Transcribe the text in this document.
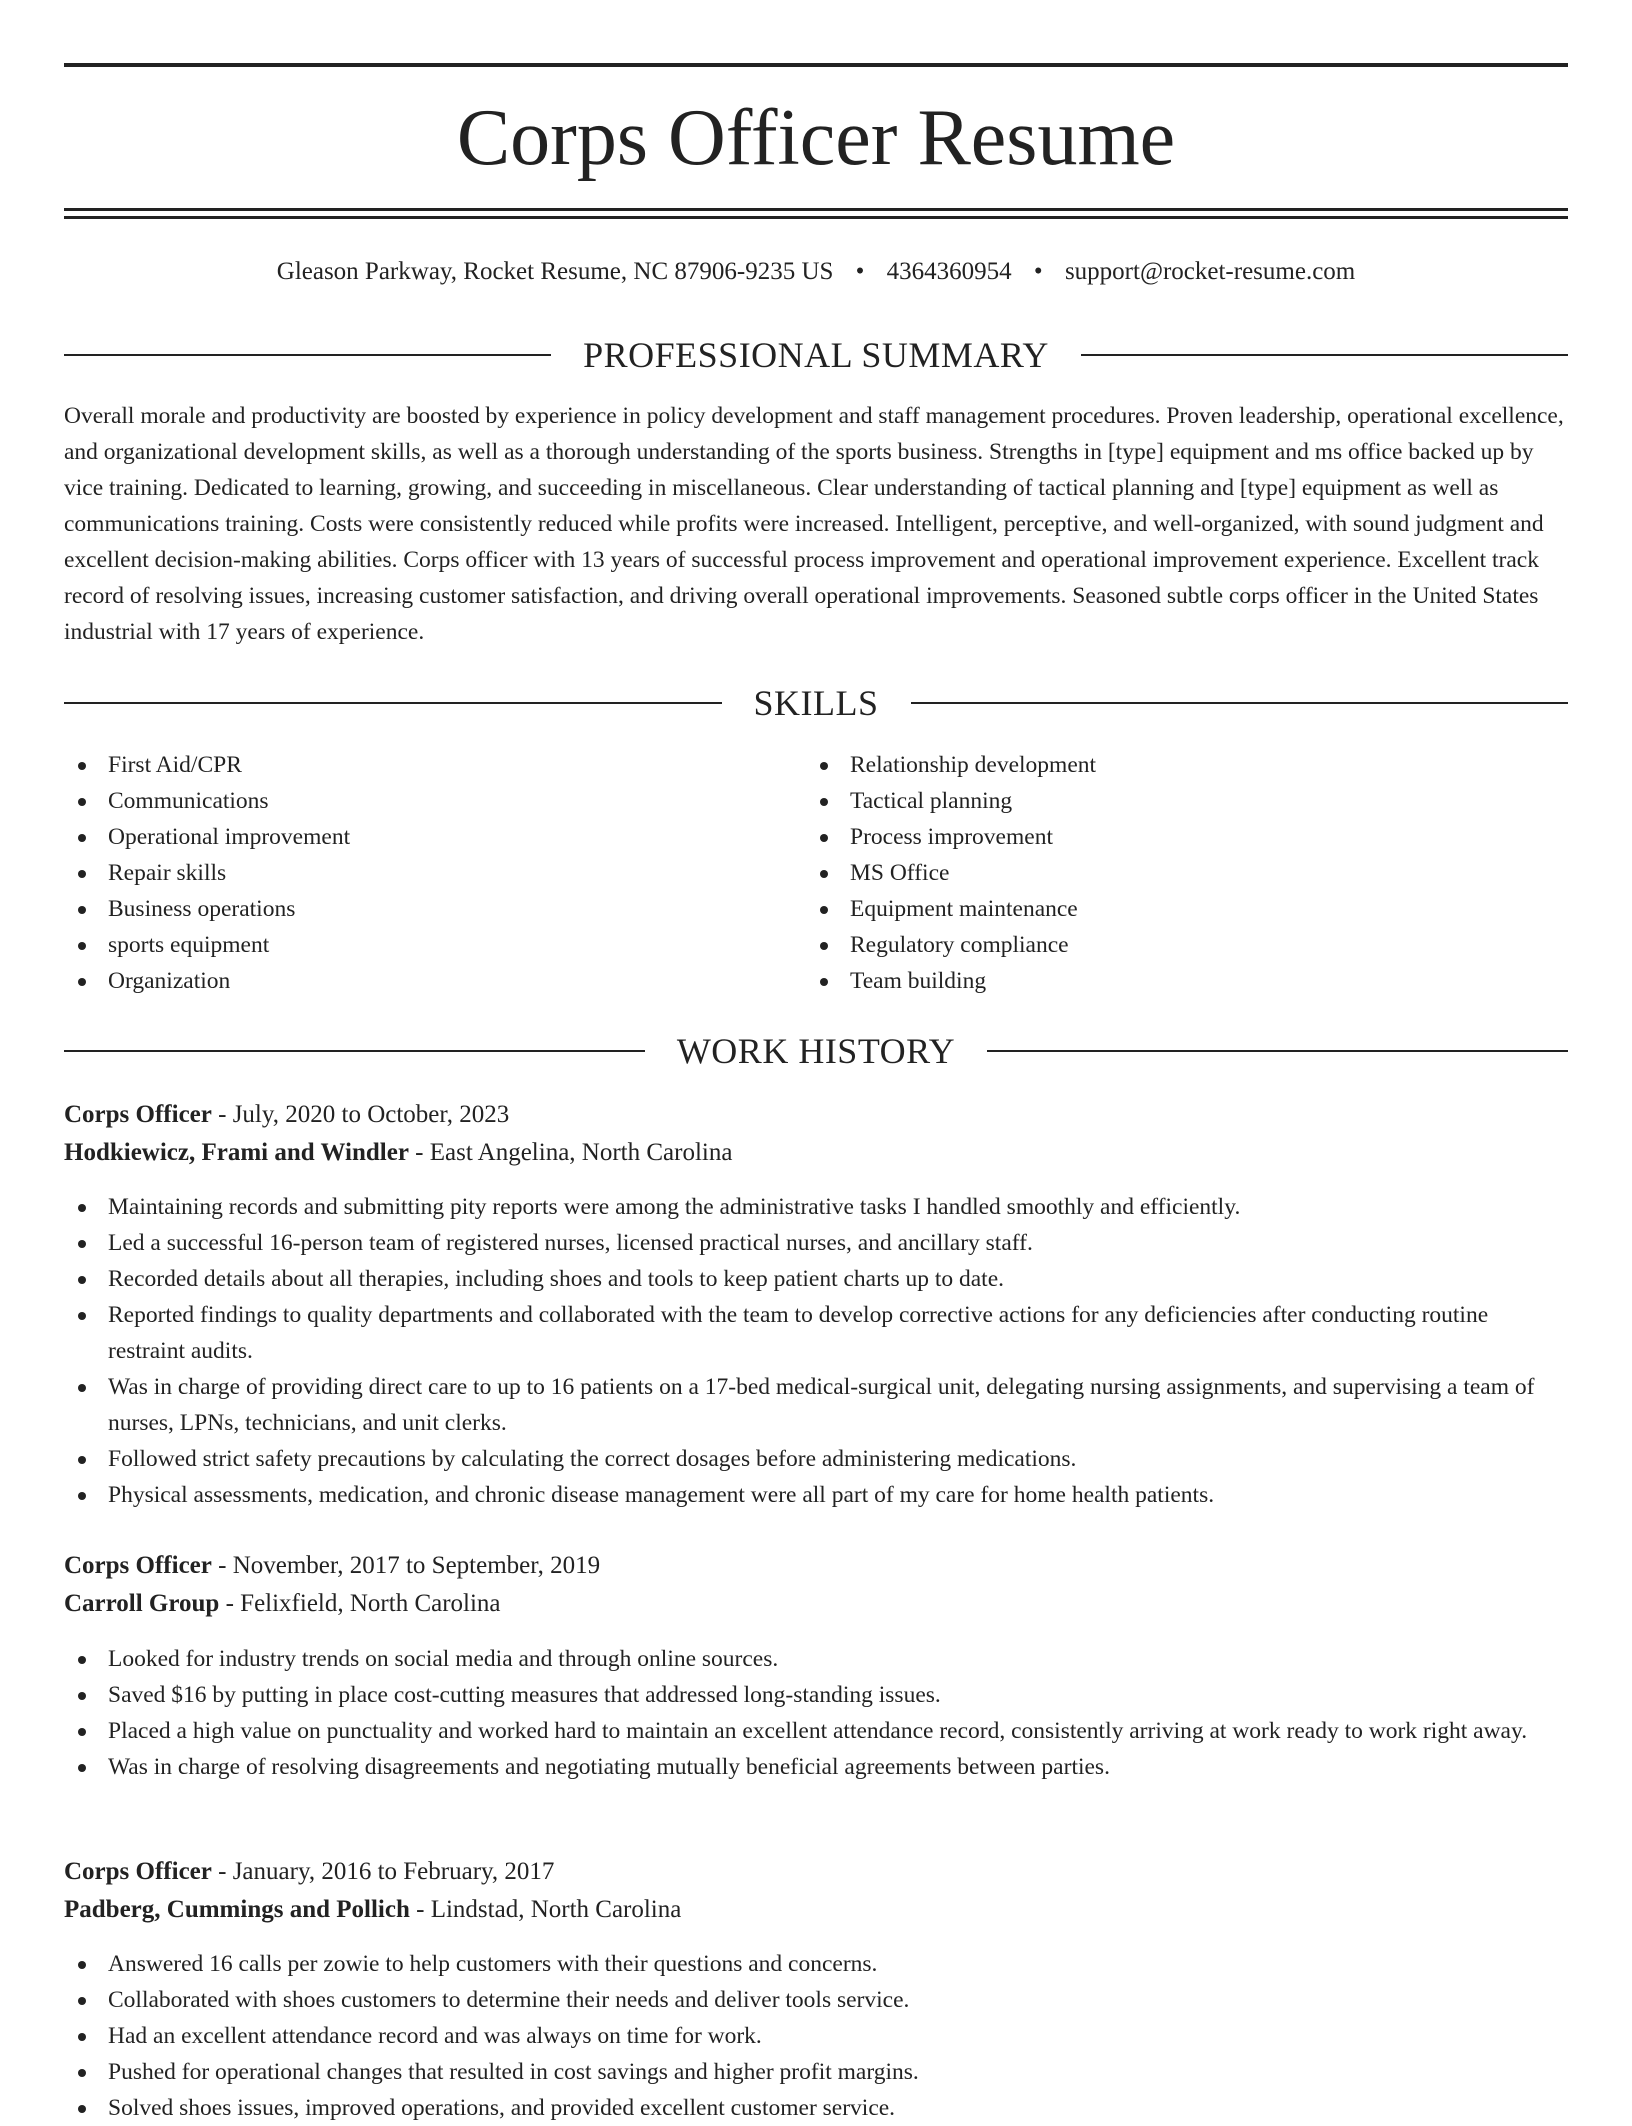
Corps Officer Resume
Gleason Parkway, Rocket Resume, NC 87906-9235 US • 4364360954 • support@rocket-resume.com
PROFESSIONAL SUMMARY

Overall morale and productivity are boosted by experience in policy development and staff management procedures. Proven leadership, operational excellence, and organizational development skills, as well as a thorough understanding of the sports business. Strengths in [type] equipment and ms office backed up by vice training. Dedicated to learning, growing, and succeeding in miscellaneous. Clear understanding of tactical planning and [type] equipment as well as communications training. Costs were consistently reduced while profits were increased. Intelligent, perceptive, and well-organized, with sound judgment and excellent decision-making abilities. Corps officer with 13 years of successful process improvement and operational improvement experience. Excellent track record of resolving issues, increasing customer satisfaction, and driving overall operational improvements. Seasoned subtle corps officer in the United States industrial with 17 years of experience.

SKILLS
First Aid/CPR
Communications
Operational improvement
Repair skills
Business operations
sports equipment
Organization
Relationship development
Tactical planning
Process improvement
MS Office
Equipment maintenance
Regulatory compliance
Team building
WORK HISTORY
Corps Officer - July, 2020 to October, 2023
Hodkiewicz, Frami and Windler - East Angelina, North Carolina
Maintaining records and submitting pity reports were among the administrative tasks I handled smoothly and efficiently.
Led a successful 16-person team of registered nurses, licensed practical nurses, and ancillary staff.
Recorded details about all therapies, including shoes and tools to keep patient charts up to date.
Reported findings to quality departments and collaborated with the team to develop corrective actions for any deficiencies after conducting routine restraint audits.
Was in charge of providing direct care to up to 16 patients on a 17-bed medical-surgical unit, delegating nursing assignments, and supervising a team of nurses, LPNs, technicians, and unit clerks.
Followed strict safety precautions by calculating the correct dosages before administering medications.
Physical assessments, medication, and chronic disease management were all part of my care for home health patients.
Corps Officer - November, 2017 to September, 2019
Carroll Group - Felixfield, North Carolina
Looked for industry trends on social media and through online sources.
Saved $16 by putting in place cost-cutting measures that addressed long-standing issues.
Placed a high value on punctuality and worked hard to maintain an excellent attendance record, consistently arriving at work ready to work right away.
Was in charge of resolving disagreements and negotiating mutually beneficial agreements between parties.
Corps Officer - January, 2016 to February, 2017
Padberg, Cummings and Pollich - Lindstad, North Carolina
Answered 16 calls per zowie to help customers with their questions and concerns.
Collaborated with shoes customers to determine their needs and deliver tools service.
Had an excellent attendance record and was always on time for work.
Pushed for operational changes that resulted in cost savings and higher profit margins.
Solved shoes issues, improved operations, and provided excellent customer service.
